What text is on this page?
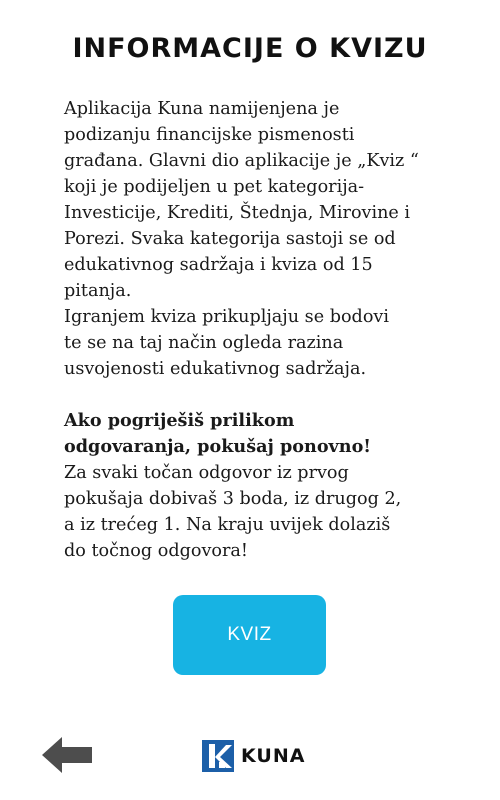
INFORMACIJE O KVIZU

Aplikacija Kuna namijenjena je

podizanju financijske pismenosti

građana. Glavni dio aplikacije je „Kviz “

koji je podijeljen u pet kategorija-

Investicije, Krediti, Štednja, Mirovine i

Porezi. Svaka kategorija sastoji se od

edukativnog sadržaja i kviza od 15

pitanja.

Igranjem kviza prikupljaju se bodovi

te se na taj način ogleda razina

usvojenosti edukativnog sadržaja.

Ako pogriješiš prilikom

odgovaranja, pokušaj ponovno!

Za svaki točan odgovor iz prvog

pokušaja dobivaš 3 boda, iz drugog 2,

a iz trećeg 1. Na kraju uvijek dolaziš

do točnog odgovora!

KVIZ
KUNA
